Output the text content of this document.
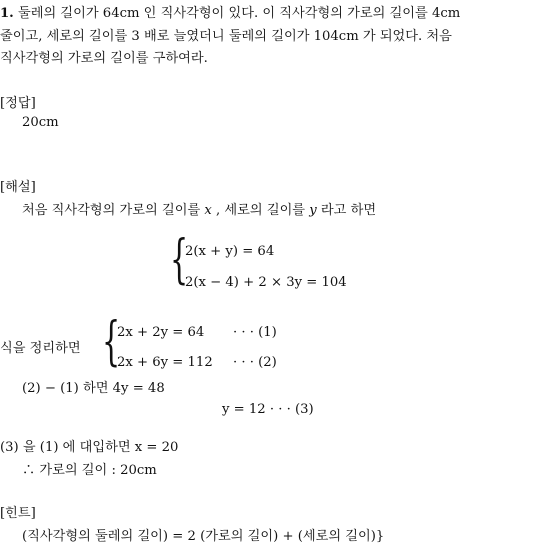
1. 둘레의 길이가 64cm 인 직사각형이 있다. 이 직사각형의 가로의 길이를 4cm
줄이고, 세로의 길이를 3 배로 늘였더니 둘레의 길이가 104cm 가 되었다. 처음
직사각형의 가로의 길이를 구하여라.
[정답]
20cm
[해설]
처음 직사각형의 가로의 길이를 x , 세로의 길이를 y 라고 하면
{
2(x + y) = 64
2(x − 4) + 2 × 3y = 104
식을 정리하면 {
2x + 2y = 64 · · · (1)
2x + 6y = 112 · · · (2)
(2) − (1) 하면 4y = 48
y = 12 · · · (3)
(3) 을 (1) 에 대입하면 x = 20
∴ 가로의 길이 : 20cm
[힌트]
(직사각형의 둘레의 길이) = 2 (가로의 길이) + (세로의 길이)}
